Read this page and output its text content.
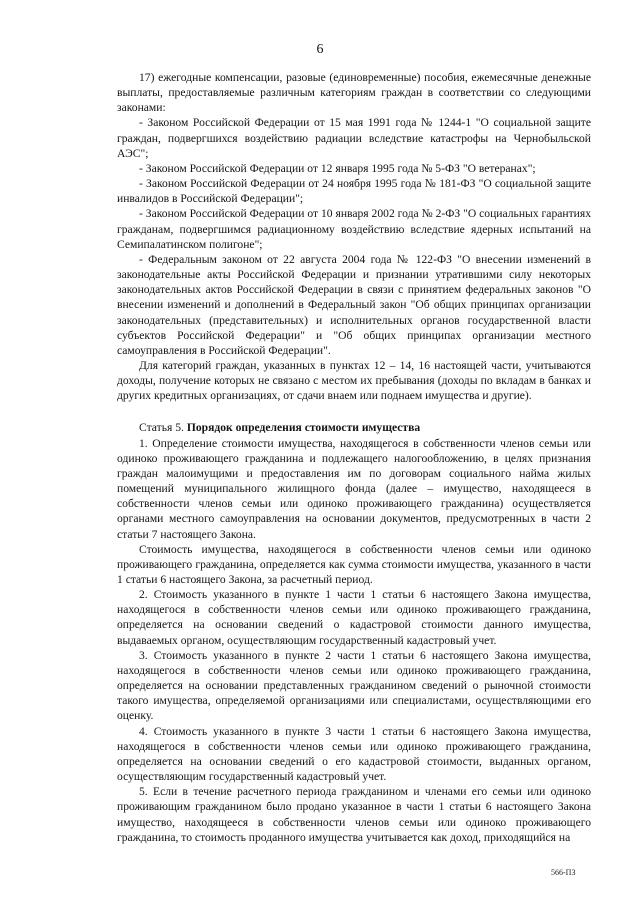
6

17) ежегодные компенсации, разовые (единовременные) пособия, ежемесячные денежные выплаты, предоставляемые различным категориям граждан в соответствии со следующими законами:

- Законом Российской Федерации от 15 мая 1991 года № 1244-1 "О социальной защите граждан, подвергшихся воздействию радиации вследствие катастрофы на Чернобыльской АЭС";

- Законом Российской Федерации от 12 января 1995 года № 5-ФЗ "О ветеранах";

- Законом Российской Федерации от 24 ноября 1995 года № 181-ФЗ "О социальной защите инвалидов в Российской Федерации";

- Законом Российской Федерации от 10 января 2002 года № 2-ФЗ "О социальных гарантиях гражданам, подвергшимся радиационному воздействию вследствие ядерных испытаний на Семипалатинском полигоне";

- Федеральным законом от 22 августа 2004 года № 122-ФЗ "О внесении изменений в законодательные акты Российской Федерации и признании утратившими силу некоторых законодательных актов Российской Федерации в связи с принятием федеральных законов "О внесении изменений и дополнений в Федеральный закон "Об общих принципах организации законодательных (представительных) и исполнительных органов государственной власти субъектов Российской Федерации" и "Об общих принципах организации местного самоуправления в Российской Федерации".

Для категорий граждан, указанных в пунктах 12 – 14, 16 настоящей части, учитываются доходы, получение которых не связано с местом их пребывания (доходы по вкладам в банках и других кредитных организациях, от сдачи внаем или поднаем имущества и другие).

Статья 5. Порядок определения стоимости имущества

1. Определение стоимости имущества, находящегося в собственности членов семьи или одиноко проживающего гражданина и подлежащего налогообложению, в целях признания граждан малоимущими и предоставления им по договорам социального найма жилых помещений муниципального жилищного фонда (далее – имущество, находящееся в собственности членов семьи или одиноко проживающего гражданина) осуществляется органами местного самоуправления на основании документов, предусмотренных в части 2 статьи 7 настоящего Закона.

Стоимость имущества, находящегося в собственности членов семьи или одиноко проживающего гражданина, определяется как сумма стоимости имущества, указанного в части 1 статьи 6 настоящего Закона, за расчетный период.

2. Стоимость указанного в пункте 1 части 1 статьи 6 настоящего Закона имущества, находящегося в собственности членов семьи или одиноко проживающего гражданина, определяется на основании сведений о кадастровой стоимости данного имущества, выдаваемых органом, осуществляющим государственный кадастровый учет.

3. Стоимость указанного в пункте 2 части 1 статьи 6 настоящего Закона имущества, находящегося в собственности членов семьи или одиноко проживающего гражданина, определяется на основании представленных гражданином сведений о рыночной стоимости такого имущества, определяемой организациями или специалистами, осуществляющими его оценку.

4. Стоимость указанного в пункте 3 части 1 статьи 6 настоящего Закона имущества, находящегося в собственности членов семьи или одиноко проживающего гражданина, определяется на основании сведений о его кадастровой стоимости, выданных органом, осуществляющим государственный кадастровый учет.

5. Если в течение расчетного периода гражданином и членами его семьи или одиноко проживающим гражданином было продано указанное в части 1 статьи 6 настоящего Закона имущество, находящееся в собственности членов семьи или одиноко проживающего гражданина, то стоимость проданного имущества учитывается как доход, приходящийся на

566-ПЗ
